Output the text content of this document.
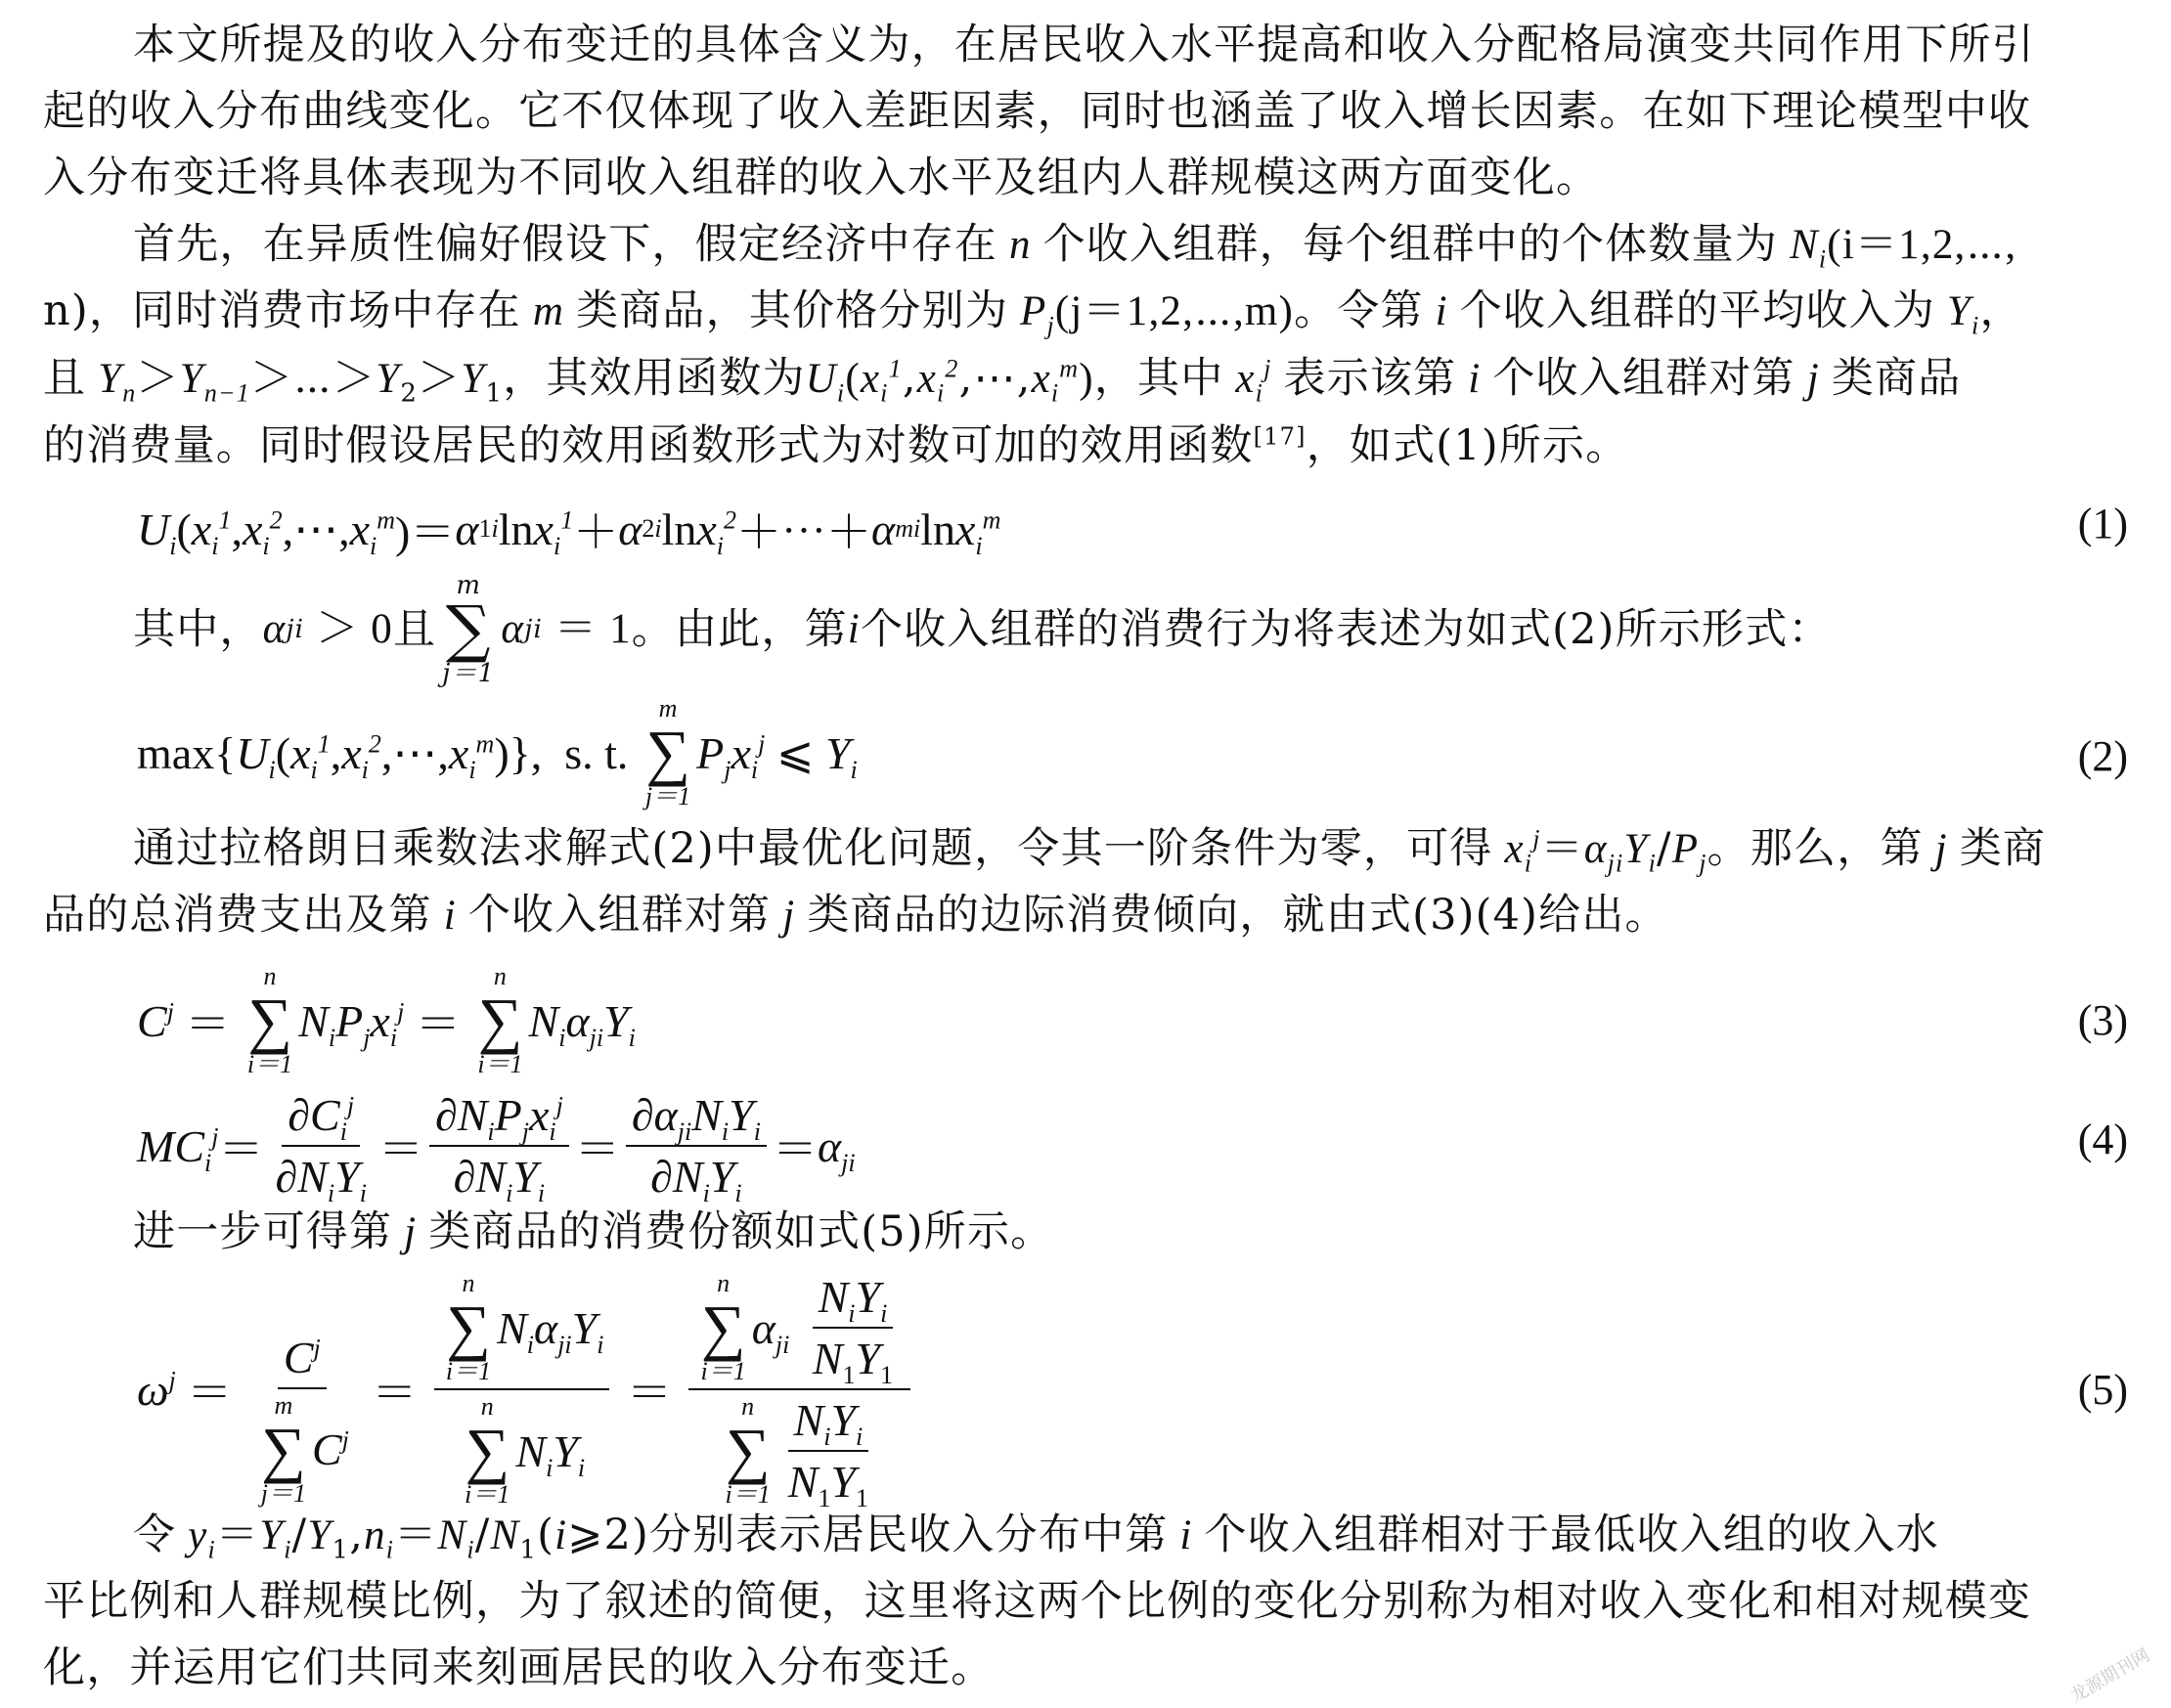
本文所提及的收入分布变迁的具体含义为，在居民收入水平提高和收入分配格局演变共同作用下所引
起的收入分布曲线变化。它不仅体现了收入差距因素，同时也涵盖了收入增长因素。在如下理论模型中收
入分布变迁将具体表现为不同收入组群的收入水平及组内人群规模这两方面变化。
首先，在异质性偏好假设下，假定经济中存在 n 个收入组群，每个组群中的个体数量为 $N_i(i=1,2,\cdots$,
n)，同时消费市场中存在 m 类商品，其价格分别为 $P_j(j=1,2,\cdots,m)$。令第 i 个收入组群的平均收入为 $Y_i$，
且 $Y_n>Y_{n-1}>\cdots>Y_2>Y_1$，其效用函数为$U_i(x_i^1,x_i^2,\cdots,x_i^m)$，其中 $x_i^j$ 表示该第 i 个收入组群对第 j 类商品
的消费量。同时假设居民的效用函数形式为对数可加的效用函数[17]，如式(1)所示。
$U_i$ ( $x_i^1$ , $x_i^2$ ,⋯, $x_i^m$ )＝ α 1i $\ln x_i^1 + \alpha$ 2i $\ln x_i^2$ ＋⋯＋ α mi $\ln x_i^m$	(1)
其中， α ji ＞ 0 且
m
∑
j＝1
α ji ＝ 1 。由此，第 i 个收入组群的消费行为将表述为如式(2)所示形式：
max{ $U_i$ ( $x_i^1$ , $x_i^2$ ,⋯, $x_i^m$ )},  s. t.
m
∑
j＝1
$P_jx_i^j$ ⩽ $Y_i$	(2)
通过拉格朗日乘数法求解式(2)中最优化问题，令其一阶条件为零，可得 $x_i^j=\alpha_{ji}Y_i/P_j$。那么，第 j 类商
品的总消费支出及第 i 个收入组群对第 j 类商品的边际消费倾向，就由式(3)(4)给出。
$C^j$ ＝
n
∑
i＝1
$N_iP_jx_i^j$ ＝
n
∑
i＝1
$N_i\alpha_{ji}Y_i$	(3)
$MC_i^j = \frac{\partial C_i^j}{\partial N_iY_i} = \frac{\partial N_iP_jx_i^j}{\partial N_iY_i} = \frac{\partial\alpha_{ji}N_iY_i}{\partial N_iY_i} = \alpha_{ji}$	(4)
进一步可得第 j 类商品的消费份额如式(5)所示。
$\omega^j = C^j$
m
∑
j＝1
$C^j = n$
∑
i＝1
$N_i\alpha_{ji}Y_i$
n
∑
i＝1
$N_iY_i = n$
∑
i＝1
$\alpha_{ji}$
$\frac{N_iY_i}{N_1Y_1}$
n
∑
$i=1 \frac{N_iY_i}{N_1Y_1}$	(5)
令 $y_i=Y_i/Y_1,n_i=N_i/N_1(i⩾2)$分别表示居民收入分布中第 i 个收入组群相对于最低收入组的收入水
平比例和人群规模比例，为了叙述的简便，这里将这两个比例的变化分别称为相对收入变化和相对规模变
化，并运用它们共同来刻画居民的收入分布变迁。	龙源期刊网
